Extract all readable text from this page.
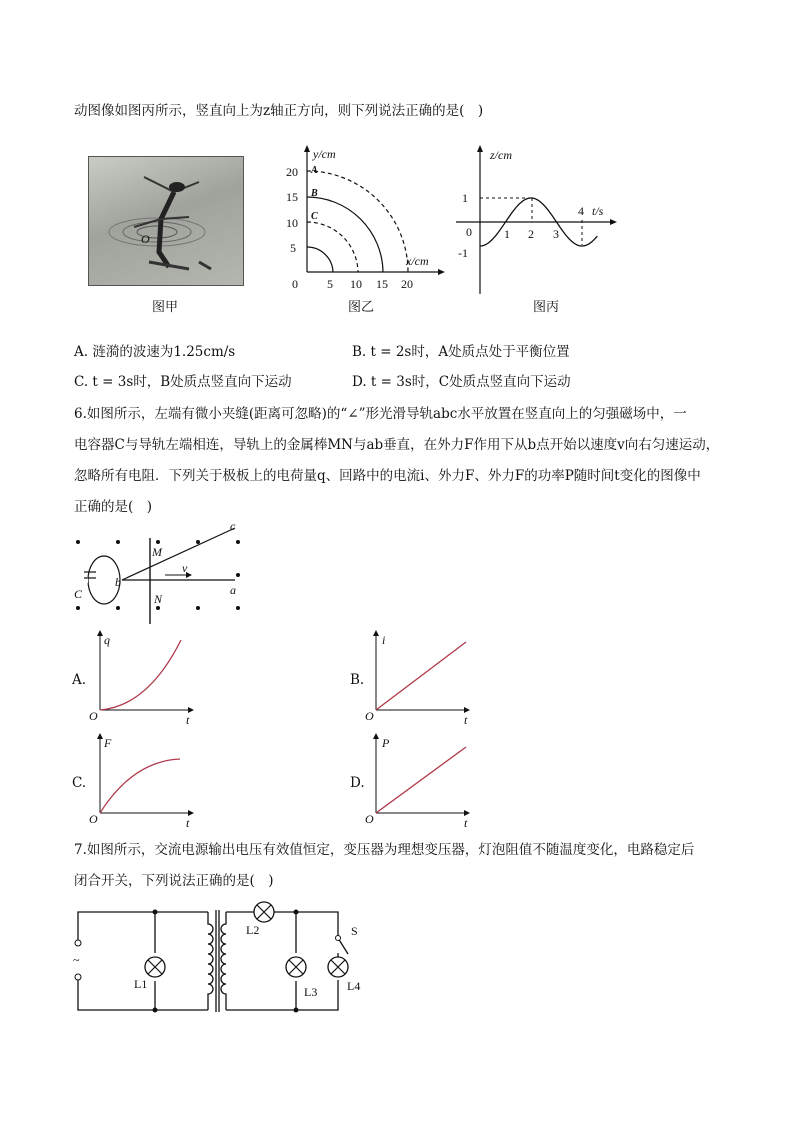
动图像如图丙所示，竖直向上为z轴正方向，则下列说法正确的是(　)
O
图甲
y/cm
x/cm
20
15
10
5
0 5 10 15 20
A
B
C
图乙
z/cm
t/s
1
0
-1
1 2 3
4
图丙
A. 涟漪的波速为1.25cm/s	B. t = 2s时，A处质点处于平衡位置
C. t = 3s时，B处质点竖直向下运动	D. t = 3s时，C处质点竖直向下运动
6.如图所示，左端有微小夹缝(距离可忽略)的“∠”形光滑导轨abc水平放置在竖直向上的匀强磁场中，一
电容器C与导轨左端相连，导轨上的金属棒MN与ab垂直，在外力F作用下从b点开始以速度v向右匀速运动，
忽略所有电阻．下列关于极板上的电荷量q、回路中的电流i、外力F、外力F的功率P随时间t变化的图像中
正确的是(　)
c
M
b
v
C	N
a
A.
q
t
O
B.
i
t
O
C.
F
t
O
D.
P
t
O
7.如图所示，交流电源输出电压有效值恒定，变压器为理想变压器，灯泡阻值不随温度变化，电路稳定后
闭合开关，下列说法正确的是(　)
~
L1
L2
L3 L4
S
